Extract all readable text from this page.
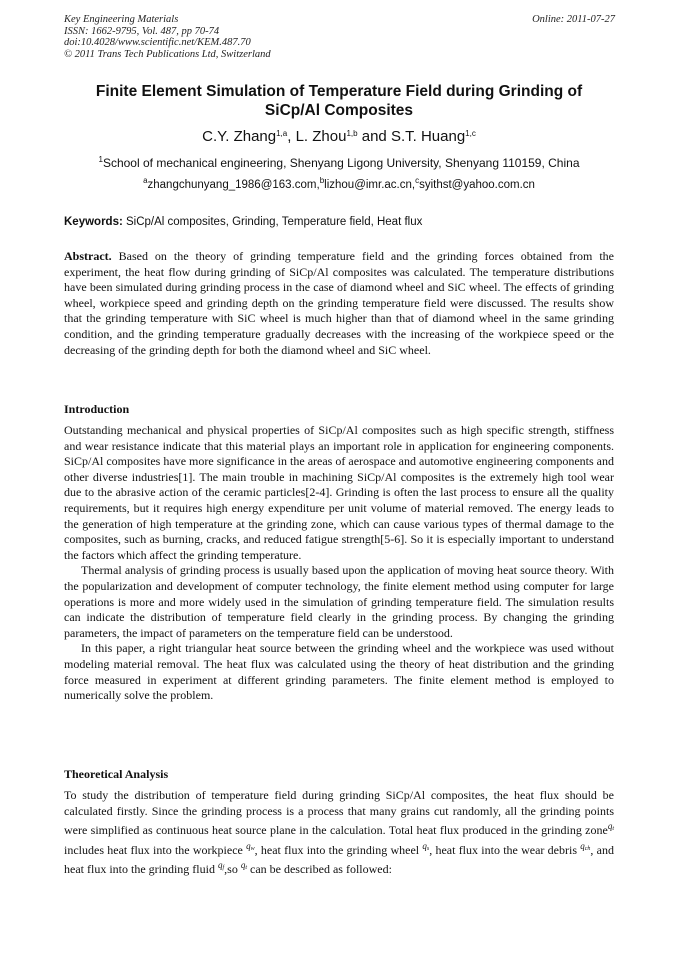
Key Engineering Materials
ISSN: 1662-9795, Vol. 487, pp 70-74
doi:10.4028/www.scientific.net/KEM.487.70
© 2011 Trans Tech Publications Ltd, Switzerland
Online: 2011-07-27
Finite Element Simulation of Temperature Field during Grinding of
SiCp/Al Composites
C.Y. Zhang$^{1,a}$, L. Zhou$^{1,b}$ and S.T. Huang$^{1,c}$
$^1$School of mechanical engineering, Shenyang Ligong University, Shenyang 110159, China
$^a$zhangchunyang_1986@163.com,$^b$lizhou@imr.ac.cn,$^c$syithst@yahoo.com.cn
Keywords: SiCp/Al composites, Grinding, Temperature field, Heat flux

Abstract. Based on the theory of grinding temperature field and the grinding forces obtained from the experiment, the heat flow during grinding of SiCp/Al composites was calculated. The temperature distributions have been simulated during grinding process in the case of diamond wheel and SiC wheel. The effects of grinding wheel, workpiece speed and grinding depth on the grinding temperature field were discussed. The results show that the grinding temperature with SiC wheel is much higher than that of diamond wheel in the same grinding condition, and the grinding temperature gradually decreases with the increasing of the workpiece speed or the decreasing of the grinding depth for both the diamond wheel and SiC wheel.

Introduction

Outstanding mechanical and physical properties of SiCp/Al composites such as high specific strength, stiffness and wear resistance indicate that this material plays an important role in application for engineering components. SiCp/Al composites have more significance in the areas of aerospace and automotive engineering components and other diverse industries[1]. The main trouble in machining SiCp/Al composites is the extremely high tool wear due to the abrasive action of the ceramic particles[2-4]. Grinding is often the last process to ensure all the quality requirements, but it requires high energy expenditure per unit volume of material removed. The energy leads to the generation of high temperature at the grinding zone, which can cause various types of thermal damage to the composites, such as burning, cracks, and reduced fatigue strength[5-6]. So it is especially important to understand the factors which affect the grinding temperature.

Thermal analysis of grinding process is usually based upon the application of moving heat source theory. With the popularization and development of computer technology, the finite element method using computer for large operations is more and more widely used in the simulation of grinding temperature field. The simulation results can indicate the distribution of temperature field clearly in the grinding process. By changing the grinding parameters, the impact of parameters on the temperature field can be understood.

In this paper, a right triangular heat source between the grinding wheel and the workpiece was used without modeling material removal. The heat flux was calculated using the theory of heat distribution and the grinding force measured in experiment at different grinding parameters. The finite element method is employed to numerically solve the problem.

Theoretical Analysis

To study the distribution of temperature field during grinding SiCp/Al composites, the heat flux should be calculated firstly. Since the grinding process is a process that many grains cut randomly, all the grinding points were simplified as continuous heat source plane in the calculation. Total heat flux produced in the grinding zone$^{q_t}$ includes heat flux into the workpiece $^{q_w}$, heat flux into the grinding wheel $^{q_s}$, heat flux into the wear debris $^{q_{ch}}$, and heat flux into the grinding fluid $^{q_f}$,so $^{q_t}$ can be described as followed:
